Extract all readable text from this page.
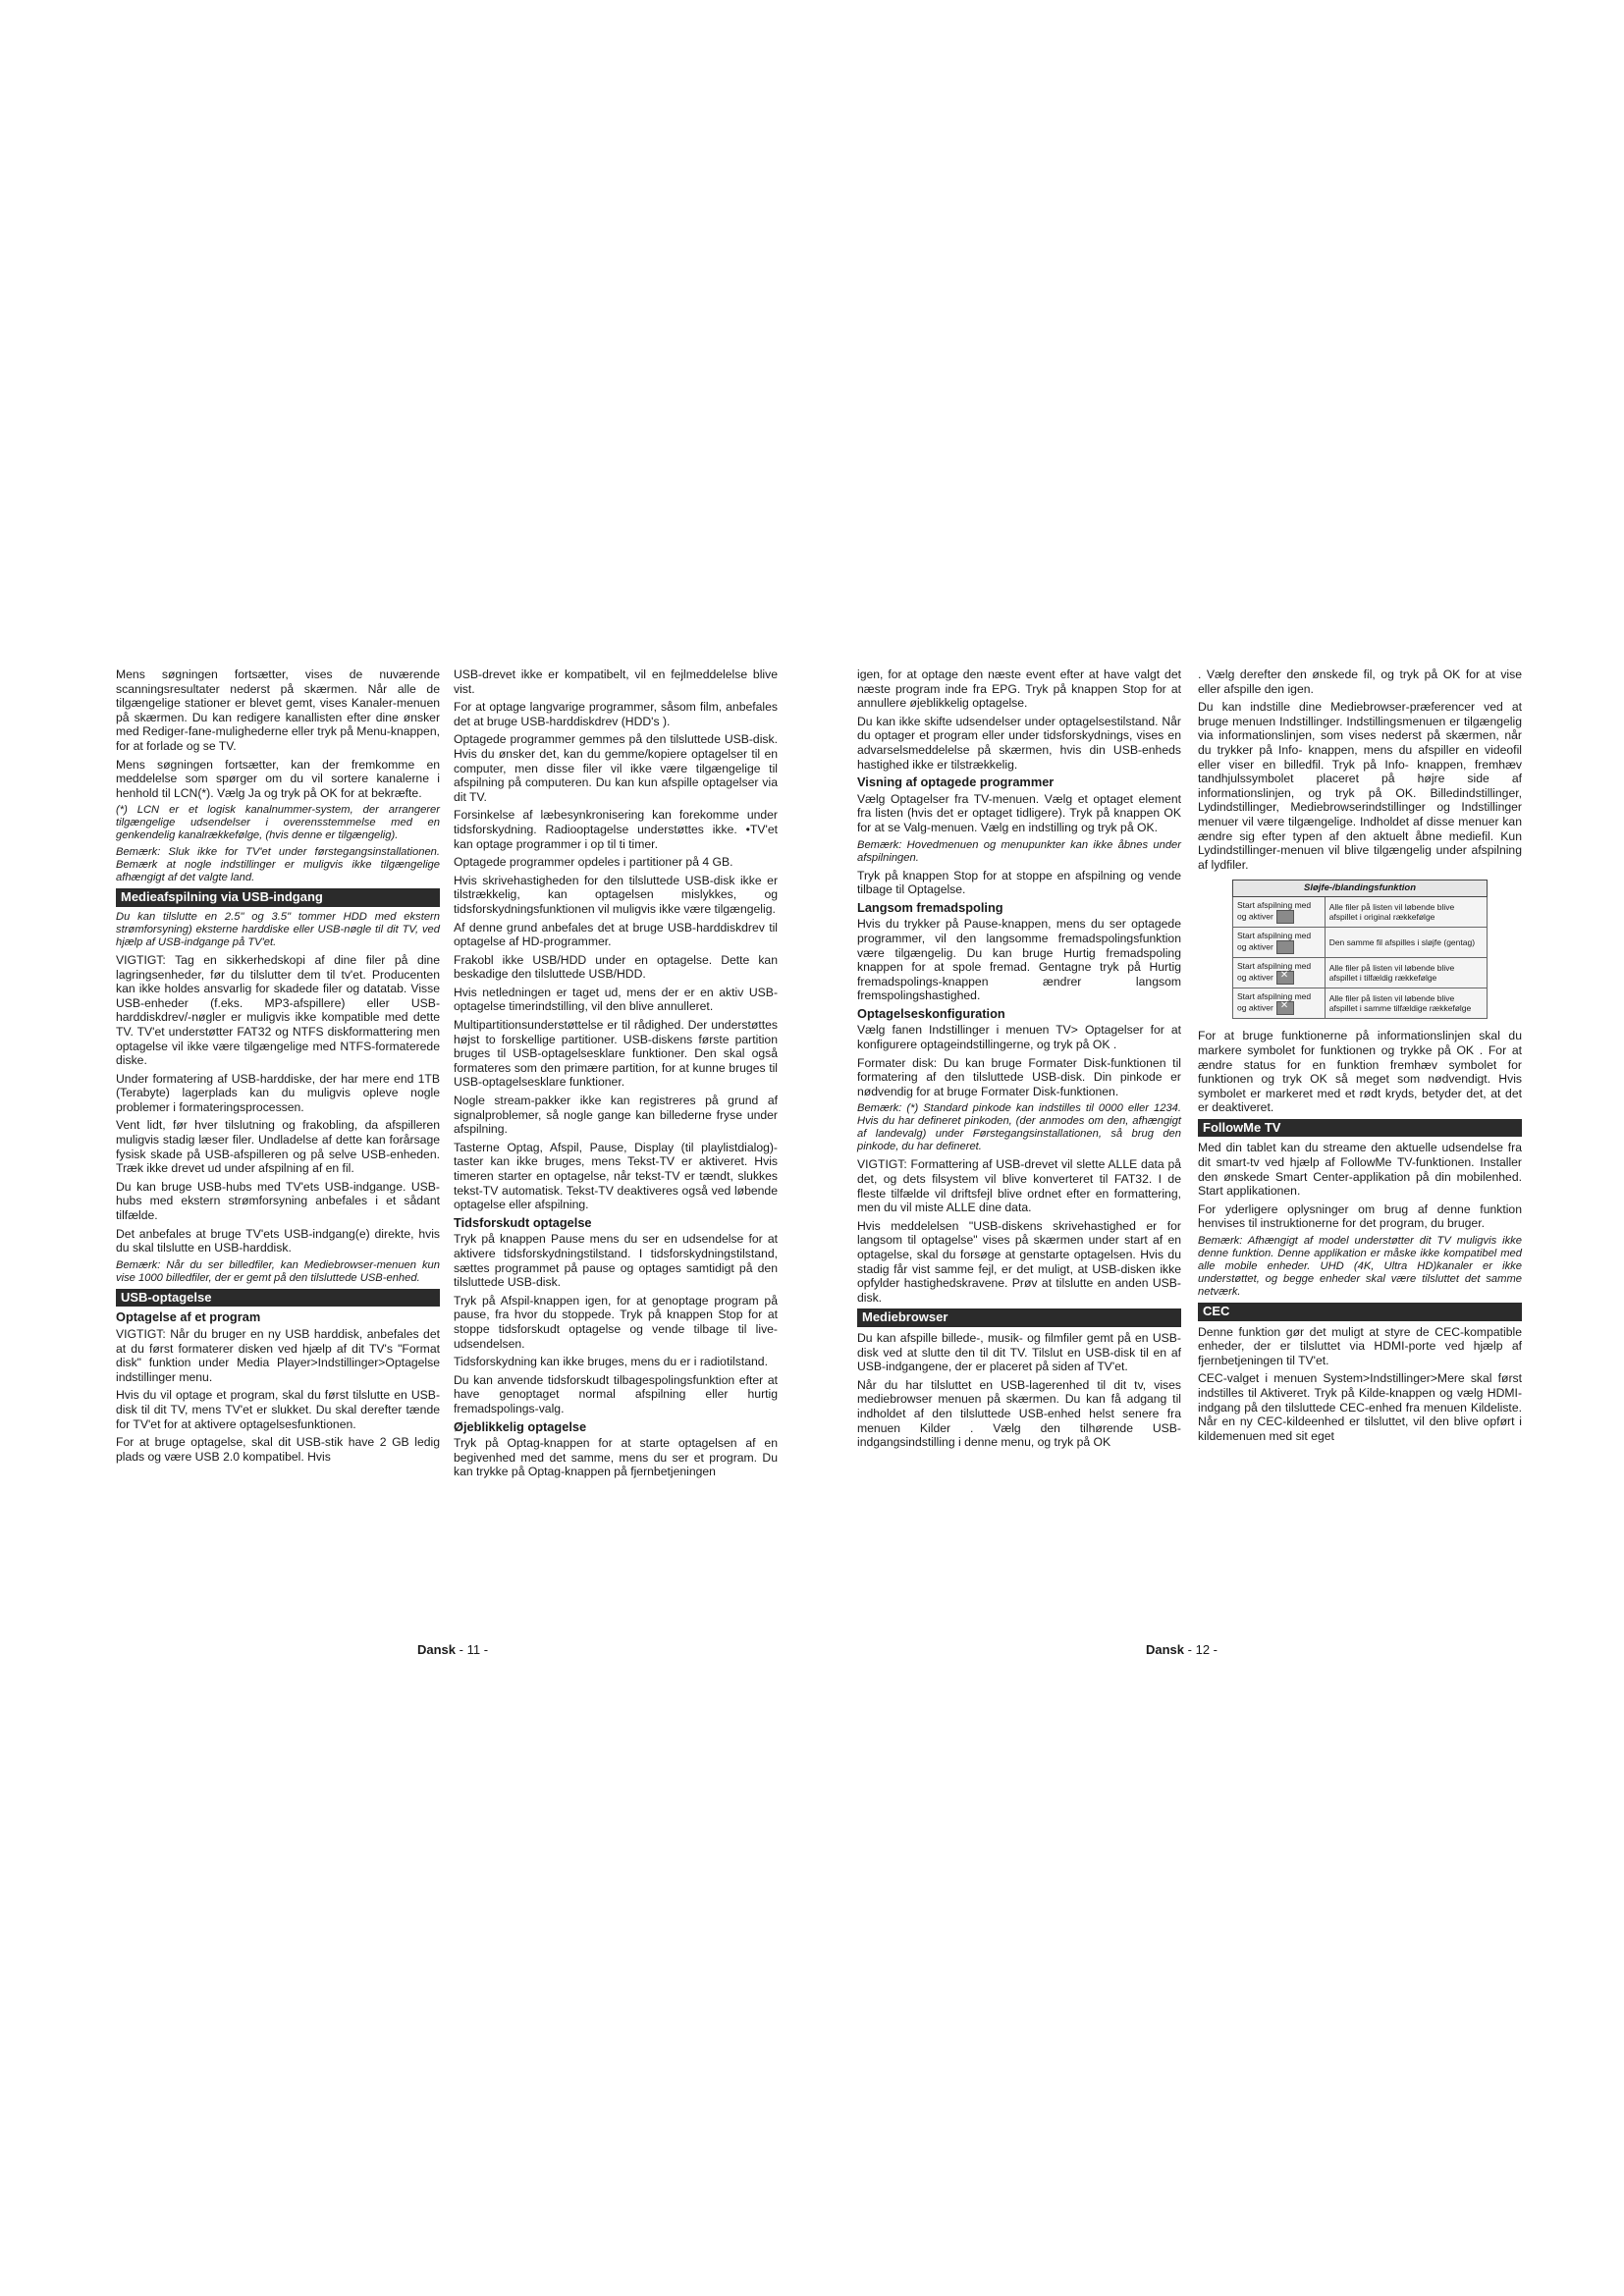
Mens søgningen fortsætter, vises de nuværende scanningsresultater nederst på skærmen. Når alle de tilgængelige stationer er blevet gemt, vises Kanaler-menuen på skærmen. Du kan redigere kanallisten efter dine ønsker med Rediger-fane-mulighederne eller tryk på Menu-knappen, for at forlade og se TV.

Mens søgningen fortsætter, kan der fremkomme en meddelelse som spørger om du vil sortere kanalerne i henhold til LCN(*). Vælg Ja og tryk på OK for at bekræfte.

(*) LCN er et logisk kanalnummer-system, der arrangerer tilgængelige udsendelser i overensstemmelse med en genkendelig kanalrækkefølge, (hvis denne er tilgængelig).

Bemærk: Sluk ikke for TV'et under førstegangsinstallationen. Bemærk at nogle indstillinger er muligvis ikke tilgængelige afhængigt af det valgte land.

Medieafspilning via USB-indgang

Du kan tilslutte en 2.5" og 3.5" tommer HDD med ekstern strømforsyning) eksterne harddiske eller USB-nøgle til dit TV, ved hjælp af USB-indgange på TV'et.

VIGTIGT: Tag en sikkerhedskopi af dine filer på dine lagringsenheder, før du tilslutter dem til tv'et. Producenten kan ikke holdes ansvarlig for skadede filer og datatab. Visse USB-enheder (f.eks. MP3-afspillere) eller USB-harddiskdrev/-nøgler er muligvis ikke kompatible med dette TV. TV'et understøtter FAT32 og NTFS diskformattering men optagelse vil ikke være tilgængelige med NTFS-formaterede diske.

Under formatering af USB-harddiske, der har mere end 1TB (Terabyte) lagerplads kan du muligvis opleve nogle problemer i formateringsprocessen.

Vent lidt, før hver tilslutning og frakobling, da afspilleren muligvis stadig læser filer. Undladelse af dette kan forårsage fysisk skade på USB-afspilleren og på selve USB-enheden. Træk ikke drevet ud under afspilning af en fil.

Du kan bruge USB-hubs med TV'ets USB-indgange. USB-hubs med ekstern strømforsyning anbefales i et sådant tilfælde.

Det anbefales at bruge TV'ets USB-indgang(e) direkte, hvis du skal tilslutte en USB-harddisk.

Bemærk: Når du ser billedfiler, kan Mediebrowser-menuen kun vise 1000 billedfiler, der er gemt på den tilsluttede USB-enhed.

USB-optagelse
Optagelse af et program

VIGTIGT: Når du bruger en ny USB harddisk, anbefales det at du først formaterer disken ved hjælp af dit TV's "Format disk" funktion under Media Player>Indstillinger>Optagelse indstillinger menu.

Hvis du vil optage et program, skal du først tilslutte en USB-disk til dit TV, mens TV'et er slukket. Du skal derefter tænde for TV'et for at aktivere optagelsesfunktionen.

For at bruge optagelse, skal dit USB-stik have 2 GB ledig plads og være USB 2.0 kompatibel. Hvis

USB-drevet ikke er kompatibelt, vil en fejlmeddelelse blive vist.

For at optage langvarige programmer, såsom film, anbefales det at bruge USB-harddiskdrev (HDD's ).

Optagede programmer gemmes på den tilsluttede USB-disk. Hvis du ønsker det, kan du gemme/kopiere optagelser til en computer, men disse filer vil ikke være tilgængelige til afspilning på computeren. Du kan kun afspille optagelser via dit TV.

Forsinkelse af læbesynkronisering kan forekomme under tidsforskydning. Radiooptagelse understøttes ikke. •TV'et kan optage programmer i op til ti timer.

Optagede programmer opdeles i partitioner på 4 GB.

Hvis skrivehastigheden for den tilsluttede USB-disk ikke er tilstrækkelig, kan optagelsen mislykkes, og tidsforskydningsfunktionen vil muligvis ikke være tilgængelig.

Af denne grund anbefales det at bruge USB-harddiskdrev til optagelse af HD-programmer.

Frakobl ikke USB/HDD under en optagelse. Dette kan beskadige den tilsluttede USB/HDD.

Hvis netledningen er taget ud, mens der er en aktiv USB-optagelse timerindstilling, vil den blive annulleret.

Multipartitionsunderstøttelse er til rådighed. Der understøttes højst to forskellige partitioner. USB-diskens første partition bruges til USB-optagelsesklare funktioner. Den skal også formateres som den primære partition, for at kunne bruges til USB-optagelsesklare funktioner.

Nogle stream-pakker ikke kan registreres på grund af signalproblemer, så nogle gange kan billederne fryse under afspilning.

Tasterne Optag, Afspil, Pause, Display (til playlistdialog)-taster kan ikke bruges, mens Tekst-TV er aktiveret. Hvis timeren starter en optagelse, når tekst-TV er tændt, slukkes tekst-TV automatisk. Tekst-TV deaktiveres også ved løbende optagelse eller afspilning.

Tidsforskudt optagelse

Tryk på knappen Pause mens du ser en udsendelse for at aktivere tidsforskydningstilstand. I tidsforskydningstilstand, sættes programmet på pause og optages samtidigt på den tilsluttede USB-disk.

Tryk på Afspil-knappen igen, for at genoptage program på pause, fra hvor du stoppede. Tryk på knappen Stop for at stoppe tidsforskudt optagelse og vende tilbage til live-udsendelsen.

Tidsforskydning kan ikke bruges, mens du er i radiotilstand.

Du kan anvende tidsforskudt tilbagespolingsfunktion efter at have genoptaget normal afspilning eller hurtig fremadspolings-valg.

Øjeblikkelig optagelse

Tryk på Optag-knappen for at starte optagelsen af en begivenhed med det samme, mens du ser et program. Du kan trykke på Optag-knappen på fjernbetjeningen

igen, for at optage den næste event efter at have valgt det næste program inde fra EPG. Tryk på knappen Stop for at annullere øjeblikkelig optagelse.

Du kan ikke skifte udsendelser under optagelsestilstand. Når du optager et program eller under tidsforskydnings, vises en advarselsmeddelelse på skærmen, hvis din USB-enheds hastighed ikke er tilstrækkelig.

Visning af optagede programmer

Vælg Optagelser fra TV-menuen. Vælg et optaget element fra listen (hvis det er optaget tidligere). Tryk på knappen OK for at se Valg-menuen. Vælg en indstilling og tryk på OK.

Bemærk: Hovedmenuen og menupunkter kan ikke åbnes under afspilningen.

Tryk på knappen Stop for at stoppe en afspilning og vende tilbage til Optagelse.

Langsom fremadspoling

Hvis du trykker på Pause-knappen, mens du ser optagede programmer, vil den langsomme fremadspolingsfunktion være tilgængelig. Du kan bruge Hurtig fremadspoling knappen for at spole fremad. Gentagne tryk på Hurtig fremadspolings-knappen ændrer langsom fremspolingshastighed.

Optagelseskonfiguration

Vælg fanen Indstillinger i menuen TV> Optagelser for at konfigurere optageindstillingerne, og tryk på OK .

Formater disk: Du kan bruge Formater Disk-funktionen til formatering af den tilsluttede USB-disk. Din pinkode er nødvendig for at bruge Formater Disk-funktionen.

Bemærk: (*) Standard pinkode kan indstilles til 0000 eller 1234. Hvis du har defineret pinkoden, (der anmodes om den, afhængigt af landevalg) under Førstegangsinstallationen, så brug den pinkode, du har defineret.

VIGTIGT: Formattering af USB-drevet vil slette ALLE data på det, og dets filsystem vil blive konverteret til FAT32. I de fleste tilfælde vil driftsfejl blive ordnet efter en formattering, men du vil miste ALLE dine data.

Hvis meddelelsen "USB-diskens skrivehastighed er for langsom til optagelse" vises på skærmen under start af en optagelse, skal du forsøge at genstarte optagelsen. Hvis du stadig får vist samme fejl, er det muligt, at USB-disken ikke opfylder hastighedskravene. Prøv at tilslutte en anden USB-disk.

Mediebrowser

Du kan afspille billede-, musik- og filmfiler gemt på en USB-disk ved at slutte den til dit TV. Tilslut en USB-disk til en af USB-indgangene, der er placeret på siden af TV'et.

Når du har tilsluttet en USB-lagerenhed til dit tv, vises mediebrowser menuen på skærmen. Du kan få adgang til indholdet af den tilsluttede USB-enhed helst senere fra menuen Kilder . Vælg den tilhørende USB-indgangsindstilling i denne menu, og tryk på OK

. Vælg derefter den ønskede fil, og tryk på OK for at vise eller afspille den igen.

Du kan indstille dine Mediebrowser-præferencer ved at bruge menuen Indstillinger. Indstillingsmenuen er tilgængelig via informationslinjen, som vises nederst på skærmen, når du trykker på Info- knappen, mens du afspiller en videofil eller viser en billedfil. Tryk på Info- knappen, fremhæv tandhjulssymbolet placeret på højre side af informationslinjen, og tryk på OK. Billedindstillinger, Lydindstillinger, Mediebrowserindstillinger og Indstillinger menuer vil være tilgængelige. Indholdet af disse menuer kan ændre sig efter typen af den aktuelt åbne mediefil. Kun Lydindstillinger-menuen vil blive tilgængelig under afspilning af lydfiler.

Sløjfe-/blandingsfunktion	
Start afspilning med og aktiver	Alle filer på listen vil løbende blive afspillet i original rækkefølge
Start afspilning med og aktiver	Den samme fil afspilles i sløjfe (gentag)
Start afspilning med og aktiver✕	Alle filer på listen vil løbende blive afspillet i tilfældig rækkefølge
Start afspilning med og aktiver✕	Alle filer på listen vil løbende blive afspillet i samme tilfældige rækkefølge

For at bruge funktionerne på informationslinjen skal du markere symbolet for funktionen og trykke på OK . For at ændre status for en funktion fremhæv symbolet for funktionen og tryk OK så meget som nødvendigt. Hvis symbolet er markeret med et rødt kryds, betyder det, at det er deaktiveret.

FollowMe TV

Med din tablet kan du streame den aktuelle udsendelse fra dit smart-tv ved hjælp af FollowMe TV-funktionen. Installer den ønskede Smart Center-applikation på din mobilenhed. Start applikationen.

For yderligere oplysninger om brug af denne funktion henvises til instruktionerne for det program, du bruger.

Bemærk: Afhængigt af model understøtter dit TV muligvis ikke denne funktion. Denne applikation er måske ikke kompatibel med alle mobile enheder. UHD (4K, Ultra HD)kanaler er ikke understøttet, og begge enheder skal være tilsluttet det samme netværk.

CEC

Denne funktion gør det muligt at styre de CEC-kompatible enheder, der er tilsluttet via HDMI-porte ved hjælp af fjernbetjeningen til TV'et.

CEC-valget i menuen System>Indstillinger>Mere skal først indstilles til Aktiveret. Tryk på Kilde-knappen og vælg HDMI-indgang på den tilsluttede CEC-enhed fra menuen Kildeliste. Når en ny CEC-kildeenhed er tilsluttet, vil den blive opført i kildemenuen med sit eget

Dansk - 11 -	Dansk - 12 -
